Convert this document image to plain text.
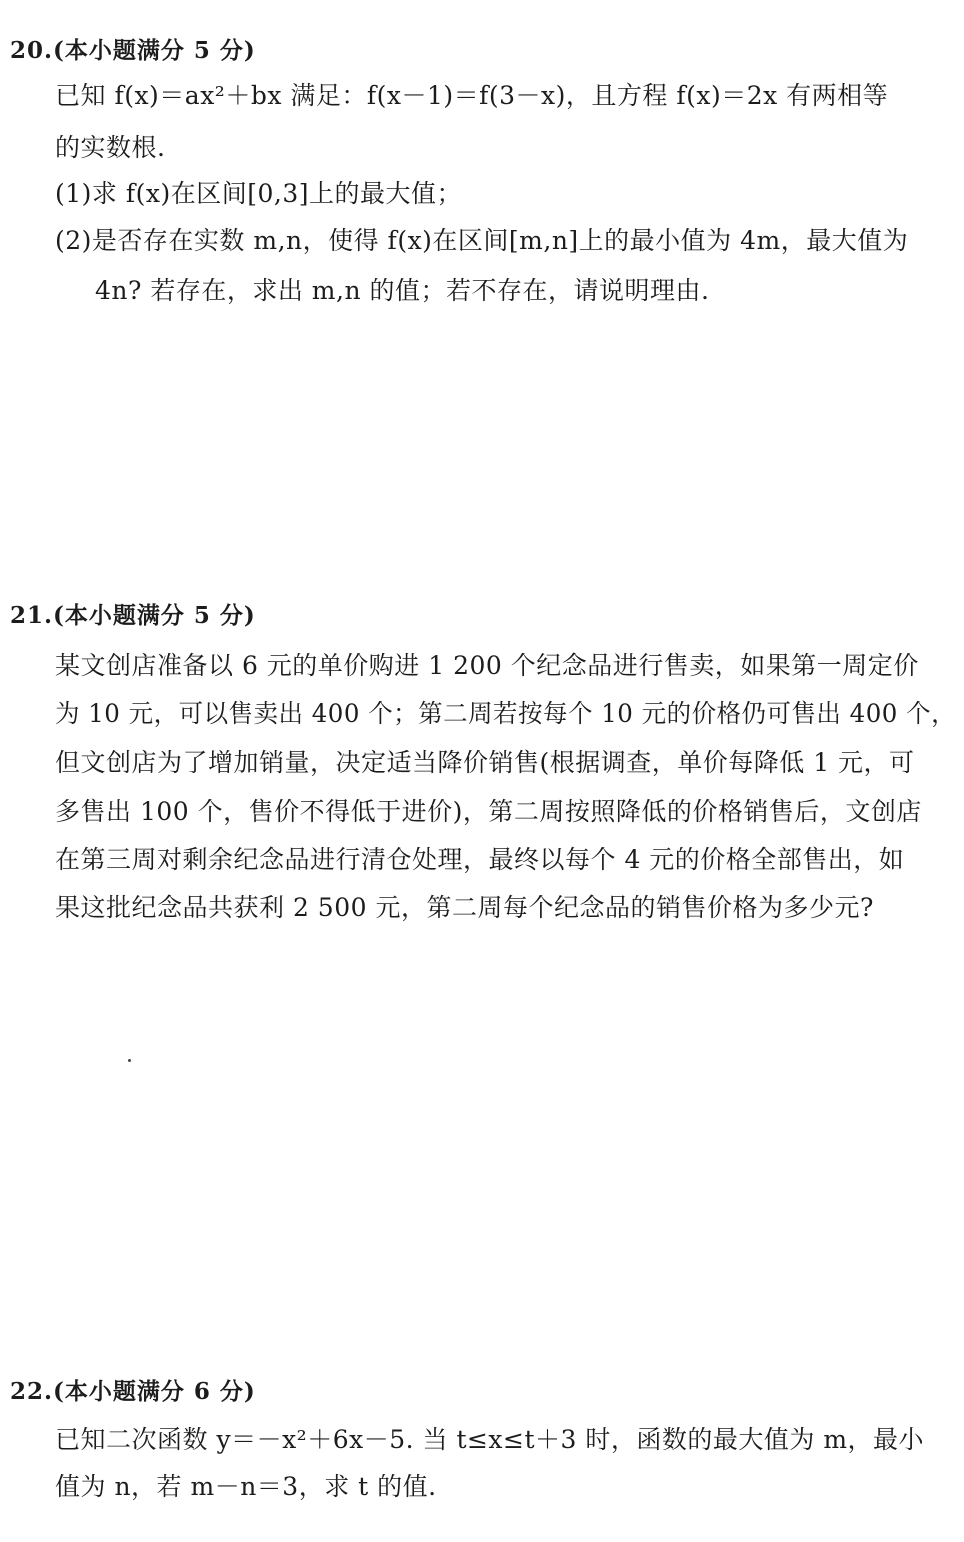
20.(本小题满分 5 分)
已知 f(x)＝ax²＋bx 满足：f(x－1)＝f(3－x)，且方程 f(x)＝2x 有两相等
的实数根.
(1)求 f(x)在区间[0,3]上的最大值；
(2)是否存在实数 m,n，使得 f(x)在区间[m,n]上的最小值为 4m，最大值为
4n? 若存在，求出 m,n 的值；若不存在，请说明理由.
21.(本小题满分 5 分)
某文创店准备以 6 元的单价购进 1 200 个纪念品进行售卖，如果第一周定价
为 10 元，可以售卖出 400 个；第二周若按每个 10 元的价格仍可售出 400 个，
但文创店为了增加销量，决定适当降价销售(根据调查，单价每降低 1 元，可
多售出 100 个，售价不得低于进价)，第二周按照降低的价格销售后，文创店
在第三周对剩余纪念品进行清仓处理，最终以每个 4 元的价格全部售出，如
果这批纪念品共获利 2 500 元，第二周每个纪念品的销售价格为多少元?
22.(本小题满分 6 分)
已知二次函数 y＝－x²＋6x－5. 当 t≤x≤t＋3 时，函数的最大值为 m，最小
值为 n，若 m－n＝3，求 t 的值.
